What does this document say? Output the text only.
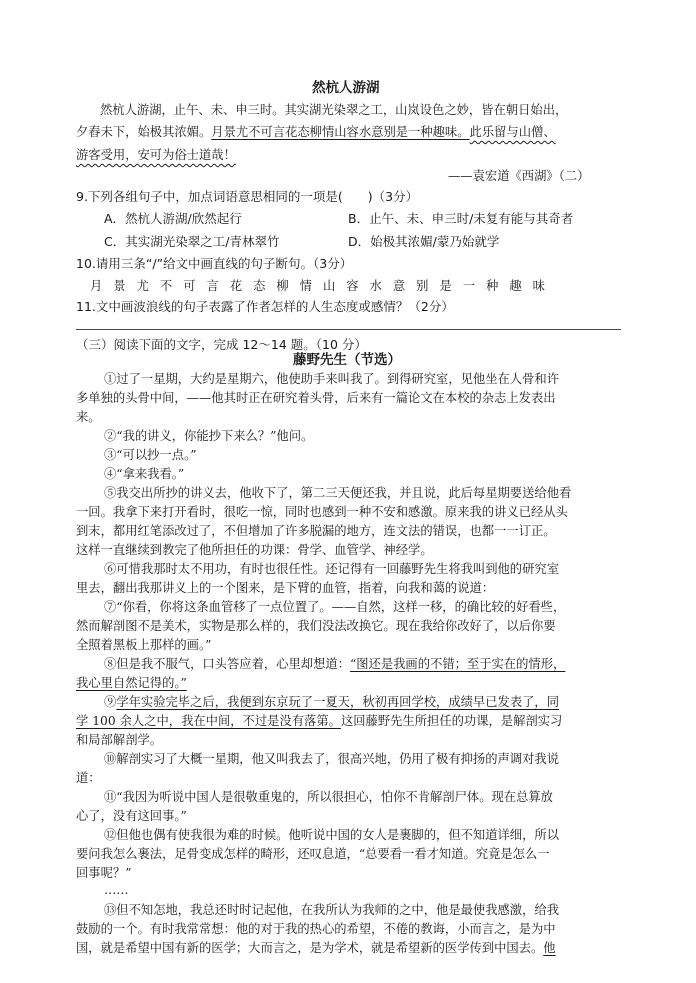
然杭人游湖
然杭人游湖，止午、未、申三时。其实湖光染翠之工，山岚设色之妙，皆在朝日始出，
夕舂未下，始极其浓媚。月景尤不可言花态柳情山容水意别是一种趣味。此乐留与山僧、
游客受用，安可为俗士道哉！
——袁宏道《西湖》（二）
9.下列各组句子中，加点词语意思相同的一项是(　　)（3分）
A．然杭人游湖/欣然起行	B．止午、未、申三时/未复有能与其奇者
C．其实湖光染翠之工/青林翠竹	D．始极其浓媚/蒙乃始就学
10.请用三条“/”给文中画直线的句子断句。（3分）
月景尤不可言花态柳情山容水意别是一种趣味
11.文中画波浪线的句子表露了作者怎样的人生态度或感情？（2分）
（三）阅读下面的文字，完成 12～14 题。（10 分）
藤野先生（节选）
①过了一星期，大约是星期六，他使助手来叫我了。到得研究室，见他坐在人骨和许
多单独的头骨中间，——他其时正在研究着头骨，后来有一篇论文在本校的杂志上发表出
来。
②“我的讲义，你能抄下来么？”他问。
③“可以抄一点。”
④“拿来我看。”
⑤我交出所抄的讲义去，他收下了，第二三天便还我，并且说，此后每星期要送给他看
一回。我拿下来打开看时，很吃一惊，同时也感到一种不安和感激。原来我的讲义已经从头
到末，都用红笔添改过了，不但增加了许多脱漏的地方，连文法的错误，也都一一订正。
这样一直继续到教完了他所担任的功课：骨学、血管学、神经学。
⑥可惜我那时太不用功，有时也很任性。还记得有一回藤野先生将我叫到他的研究室
里去，翻出我那讲义上的一个图来，是下臂的血管，指着，向我和蔼的说道：
⑦“你看，你将这条血管移了一点位置了。——自然，这样一移，的确比较的好看些，
然而解剖图不是美术，实物是那么样的，我们没法改换它。现在我给你改好了，以后你要
全照着黑板上那样的画。”
⑧但是我不服气，口头答应着，心里却想道：“图还是我画的不错；至于实在的情形，
我心里自然记得的。”
⑨学年实验完毕之后，我便到东京玩了一夏天，秋初再回学校，成绩早已发表了，同
学 100 余人之中，我在中间，不过是没有落第。这回藤野先生所担任的功课，是解剖实习
和局部解剖学。
⑩解剖实习了大概一星期，他又叫我去了，很高兴地，仍用了极有抑扬的声调对我说
道：
⑪“我因为听说中国人是很敬重鬼的，所以很担心，怕你不肯解剖尸体。现在总算放
心了，没有这回事。”
⑫但他也偶有使我很为难的时候。他听说中国的女人是裹脚的，但不知道详细，所以
要问我怎么裹法，足骨变成怎样的畸形，还叹息道，“总要看一看才知道。究竟是怎么一
回事呢？”
……
⑬但不知怎地，我总还时时记起他，在我所认为我师的之中，他是最使我感激，给我
鼓励的一个。有时我常常想：他的对于我的热心的希望，不倦的教诲，小而言之，是为中
国，就是希望中国有新的医学；大而言之，是为学术，就是希望新的医学传到中国去。他
